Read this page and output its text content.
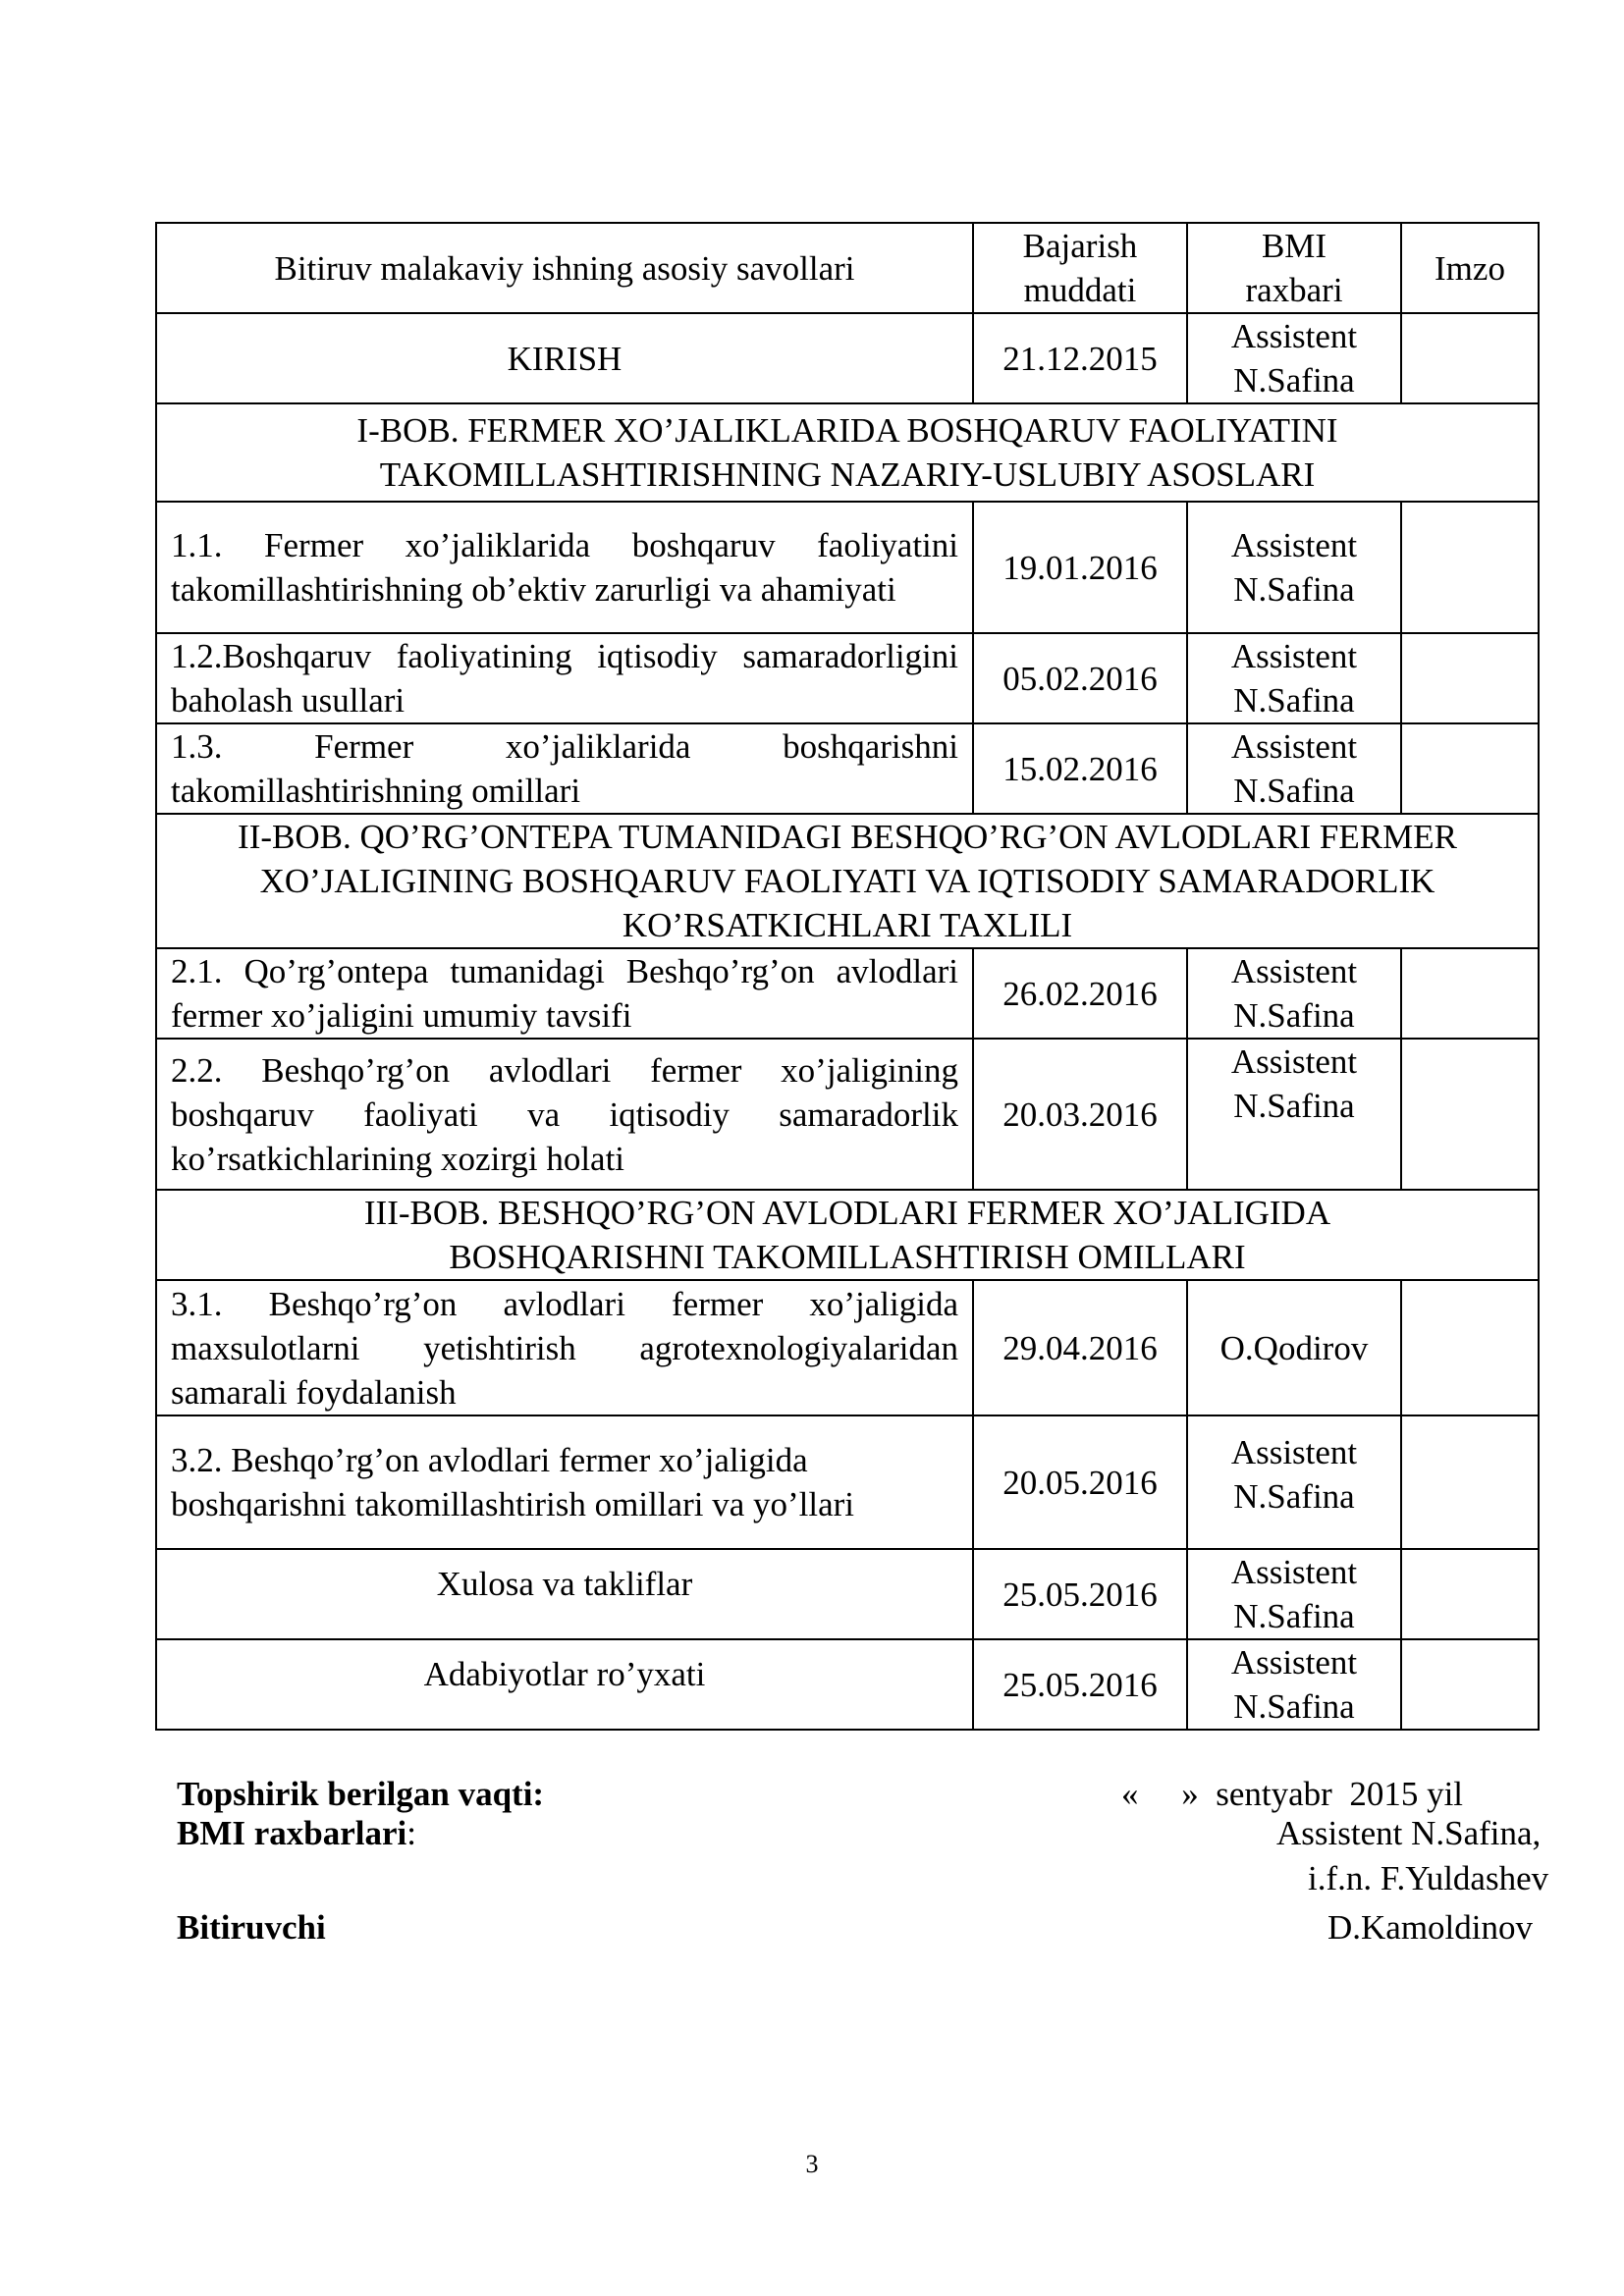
Bitiruv malakaviy ishning asosiy savollari	Bajarish muddati	BMI raxbari	Imzo
KIRISH	21.12.2015	Assistent
N.Safina	

I-BOB. FERMER XO’JALIKLARIDA BOSHQARUV FAOLIYATINI TAKOMILLASHTIRISHNING NAZARIY-USLUBIY ASOSLARI			
1.1. Fermer xo’jaliklarida boshqaruv faoliyatini takomillashtirishning ob’ektiv zarurligi va ahamiyati	19.01.2016	Assistent
N.Safina	

1.2.Boshqaruv faoliyatining iqtisodiy samaradorligini baholash usullari	05.02.2016	Assistent
N.Safina	

1.3. Fermer xo’jaliklarida boshqarishni takomillashtirishning omillari	15.02.2016	Assistent
N.Safina	

II-BOB. QO’RG’ONTEPA TUMANIDAGI BESHQO’RG’ON AVLODLARI FERMER XO’JALIGINING BOSHQARUV FAOLIYATI VA IQTISODIY SAMARADORLIK KO’RSATKICHLARI TAXLILI			
2.1. Qo’rg’ontepa tumanidagi Beshqo’rg’on avlodlari fermer xo’jaligini umumiy tavsifi	26.02.2016	Assistent
N.Safina	

2.2. Beshqo’rg’on avlodlari fermer xo’jaligining boshqaruv faoliyati va iqtisodiy samaradorlik ko’rsatkichlarining xozirgi holati	20.03.2016	Assistent
N.Safina	

III-BOB. BESHQO’RG’ON AVLODLARI FERMER XO’JALIGIDA BOSHQARISHNI TAKOMILLASHTIRISH OMILLARI			
3.1. Beshqo’rg’on avlodlari fermer xo’jaligida maxsulotlarni yetishtirish agrotexnologiyalaridan samarali foydalanish	29.04.2016	O.Qodirov	

3.2. Beshqo’rg’on avlodlari fermer xo’jaligida boshqarishni takomillashtirish omillari va yo’llari	20.05.2016	Assistent
N.Safina	

Xulosa va takliflar	25.05.2016	Assistent
N.Safina	

Adabiyotlar ro’yxati	25.05.2016	Assistent
N.Safina	

Topshirik berilgan vaqti:	«     »  sentyabr  2015 yil
BMI raxbarlari:	Assistent N.Safina,
i.f.n. F.Yuldashev
Bitiruvchi	D.Kamoldinov
3
